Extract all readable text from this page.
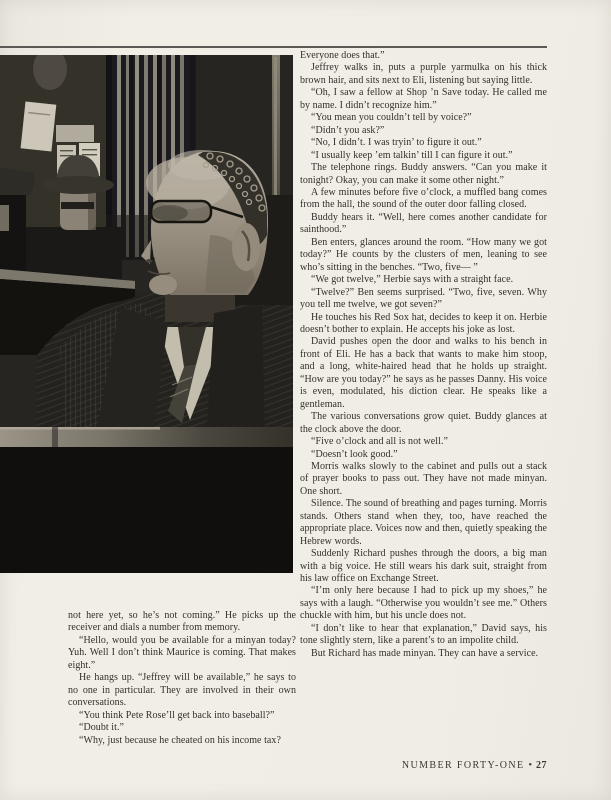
Everyone does that.”

Jeffrey walks in, puts a purple yarmulka on his thick brown hair, and sits next to Eli, listening but saying little.

“Oh, I saw a fellow at Shop ’n Save today. He called me by name. I didn’t recognize him.”

“You mean you couldn’t tell by voice?”

“Didn’t you ask?”

“No, I didn’t. I was tryin’ to figure it out.”

“I usually keep ’em talkin’ till I can figure it out.”

The telephone rings. Buddy answers. “Can you make it tonight? Okay, you can make it some other night.”

A few minutes before five o’clock, a muffled bang comes from the hall, the sound of the outer door falling closed.

Buddy hears it. “Well, here comes another candidate for sainthood.”

Ben enters, glances around the room. “How many we got today?” He counts by the clusters of men, leaning to see who’s sitting in the benches. “Two, five— ”

“We got twelve,” Herbie says with a straight face.

“Twelve?” Ben seems surprised. “Two, five, seven. Why you tell me twelve, we got seven?”

He touches his Red Sox hat, decides to keep it on. Herbie doesn’t bother to explain. He accepts his joke as lost.

David pushes open the door and walks to his bench in front of Eli. He has a back that wants to make him stoop, and a long, white-haired head that he holds up straight. “How are you today?” he says as he passes Danny. His voice is even, modulated, his diction clear. He speaks like a gentleman.

The various conversations grow quiet. Buddy glances at the clock above the door.

“Five o’clock and all is not well.”

“Doesn’t look good.”

Morris walks slowly to the cabinet and pulls out a stack of prayer books to pass out. They have not made minyan. One short.

Silence. The sound of breathing and pages turning. Morris stands. Others stand when they, too, have reached the appropriate place. Voices now and then, quietly speaking the Hebrew words.

Suddenly Richard pushes through the doors, a big man with a big voice. He still wears his dark suit, straight from his law office on Exchange Street.

“I’m only here because I had to pick up my shoes,” he says with a laugh. “Otherwise you wouldn’t see me.” Others chuckle with him, but his uncle does not.

“I don’t like to hear that explanation,” David says, his tone slightly stern, like a parent’s to an impolite child.

But Richard has made minyan. They can have a service.

not here yet, so he’s not coming.” He picks up the receiver and dials a number from memory.

“Hello, would you be available for a minyan today? Yuh. Well I don’t think Maurice is coming. That makes eight.”

He hangs up. “Jeffrey will be available,” he says to no one in particular. They are involved in their own conversations.

“You think Pete Rose’ll get back into baseball?”

“Doubt it.”

“Why, just because he cheated on his income tax?

NUMBER FORTY-ONE • 27
